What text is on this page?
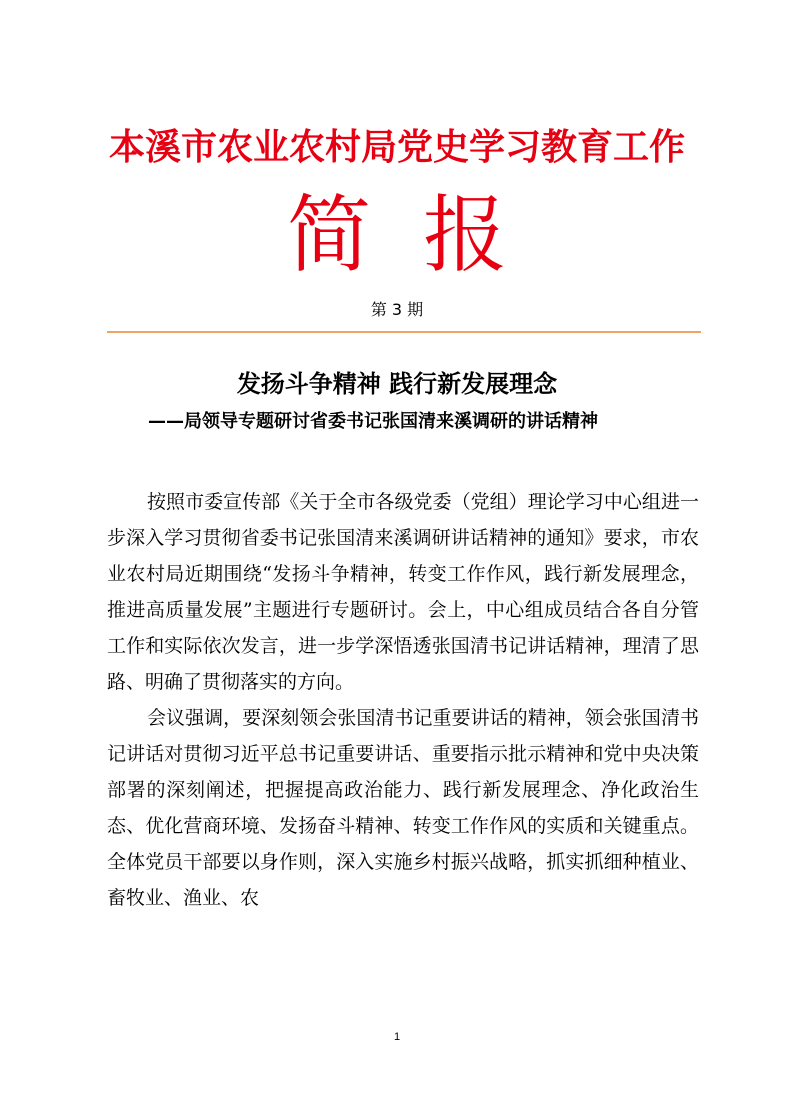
本溪市农业农村局党史学习教育工作
简 报
第 3 期
发扬斗争精神 践行新发展理念
——局领导专题研讨省委书记张国清来溪调研的讲话精神

按照市委宣传部《关于全市各级党委（党组）理论学习中心组进一步深入学习贯彻省委书记张国清来溪调研讲话精神的通知》要求，市农业农村局近期围绕“发扬斗争精神，转变工作作风，践行新发展理念，推进高质量发展”主题进行专题研讨。会上，中心组成员结合各自分管工作和实际依次发言，进一步学深悟透张国清书记讲话精神，理清了思路、明确了贯彻落实的方向。

会议强调，要深刻领会张国清书记重要讲话的精神，领会张国清书记讲话对贯彻习近平总书记重要讲话、重要指示批示精神和党中央决策部署的深刻阐述，把握提高政治能力、践行新发展理念、净化政治生态、优化营商环境、发扬奋斗精神、转变工作作风的实质和关键重点。全体党员干部要以身作则，深入实施乡村振兴战略，抓实抓细种植业、畜牧业、渔业、农

1
